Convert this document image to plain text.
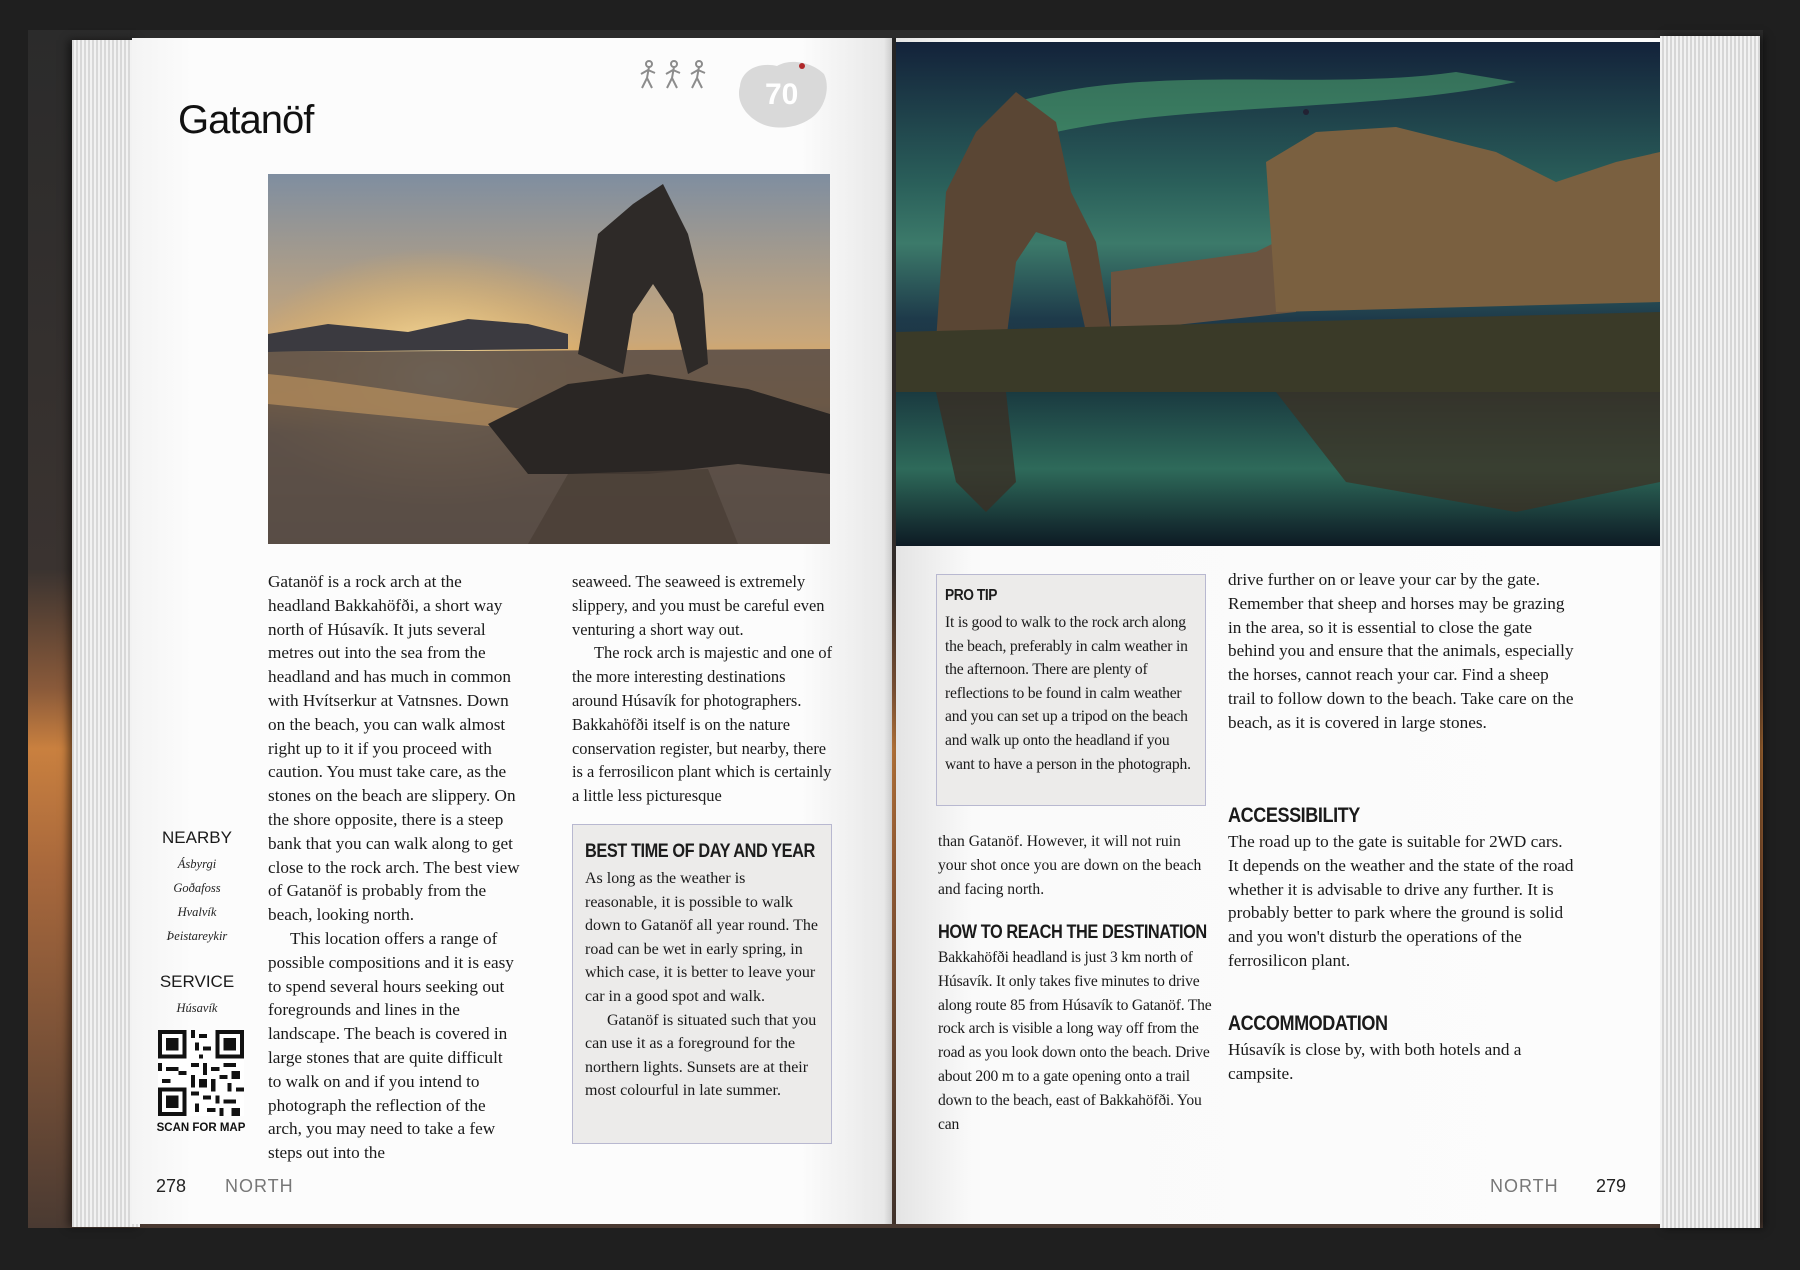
70
Gatanöf

Gatanöf is a rock arch at the headland Bakkahöfði, a short way north of Húsavík. It juts several metres out into the sea from the headland and has much in common with Hvítserkur at Vatnsnes. Down on the beach, you can walk almost right up to it if you proceed with caution. You must take care, as the stones on the beach are slippery. On the shore opposite, there is a steep bank that you can walk along to get close to the rock arch. The best view of Gatanöf is probably from the beach, looking north.

This location offers a range of possible compositions and it is easy to spend several hours seeking out foregrounds and lines in the landscape. The beach is covered in large stones that are quite difficult to walk on and if you intend to photograph the reflection of the arch, you may need to take a few steps out into the

seaweed. The seaweed is extremely slippery, and you must be careful even venturing a short way out.

The rock arch is majestic and one of the more interesting destinations around Húsavík for photographers. Bakkahöfði itself is on the nature conservation register, but nearby, there is a ferrosilicon plant which is certainly a little less picturesque

BEST TIME OF DAY AND YEAR

As long as the weather is reasonable, it is possible to walk down to Gatanöf all year round. The road can be wet in early spring, in which case, it is better to leave your car in a good spot and walk.

Gatanöf is situated such that you can use it as a foreground for the northern lights. Sunsets are at their most colourful in late summer.

NEARBY
Ásbyrgi
Goðafoss
Hvalvík
Þeistareykir
SERVICE
Húsavík
SCAN FOR MAP
278 NORTH
PRO TIP
It is good to walk to the rock arch along the beach, preferably in calm weather in the afternoon. There are plenty of reflections to be found in calm weather and you can set up a tripod on the beach and walk up onto the headland if you want to have a person in the photograph.
than Gatanöf. However, it will not ruin your shot once you are down on the beach and facing north.
HOW TO REACH THE DESTINATION
Bakkahöfði headland is just 3 km north of Húsavík. It only takes five minutes to drive along route 85 from Húsavík to Gatanöf. The rock arch is visible a long way off from the road as you look down onto the beach. Drive about 200 m to a gate opening onto a trail down to the beach, east of Bakkahöfði. You can
drive further on or leave your car by the gate. Remember that sheep and horses may be grazing in the area, so it is essential to close the gate behind you and ensure that the animals, especially the horses, cannot reach your car. Find a sheep trail to follow down to the beach. Take care on the beach, as it is covered in large stones.
ACCESSIBILITY
The road up to the gate is suitable for 2WD cars. It depends on the weather and the state of the road whether it is advisable to drive any further. It is probably better to park where the ground is solid and you won't disturb the operations of the ferrosilicon plant.
ACCOMMODATION
Húsavík is close by, with both hotels and a campsite.
NORTH 279
